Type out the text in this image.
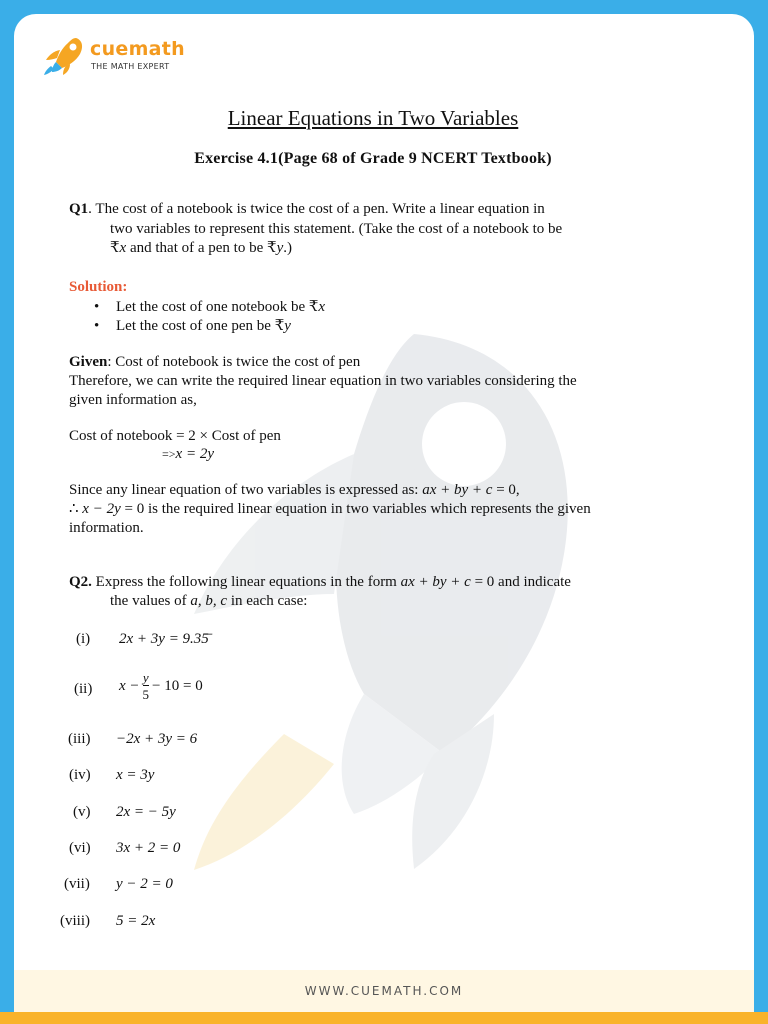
cuemath
THE MATH EXPERT
Linear Equations in Two Variables
Exercise 4.1(Page 68 of Grade 9 NCERT Textbook)
Q1. The cost of a notebook is twice the cost of a pen. Write a linear equation in
two variables to represent this statement. (Take the cost of a notebook to be
₹x and that of a pen to be ₹y.)
Solution:
• Let the cost of one notebook be ₹x
• Let the cost of one pen be ₹y
Given: Cost of notebook is twice the cost of pen
Therefore, we can write the required linear equation in two variables considering the
given information as,
Cost of notebook = 2 × Cost of pen
=>x = 2y
Since any linear equation of two variables is expressed as: ax + by + c = 0,
∴ x − 2y = 0 is the required linear equation in two variables which represents the given
information.
Q2. Express the following linear equations in the form ax + by + c = 0 and indicate
the values of a, b, c in each case:
(i) 2x + 3y = 9.35̄
(ii) $x - \frac{y}{5} - 10 = 0$
(iii) −2x + 3y = 6
(iv) x = 3y
(v) 2x = − 5y
(vi) 3x + 2 = 0
(vii) y − 2 = 0
(viii) 5 = 2x
WWW.CUEMATH.COM
